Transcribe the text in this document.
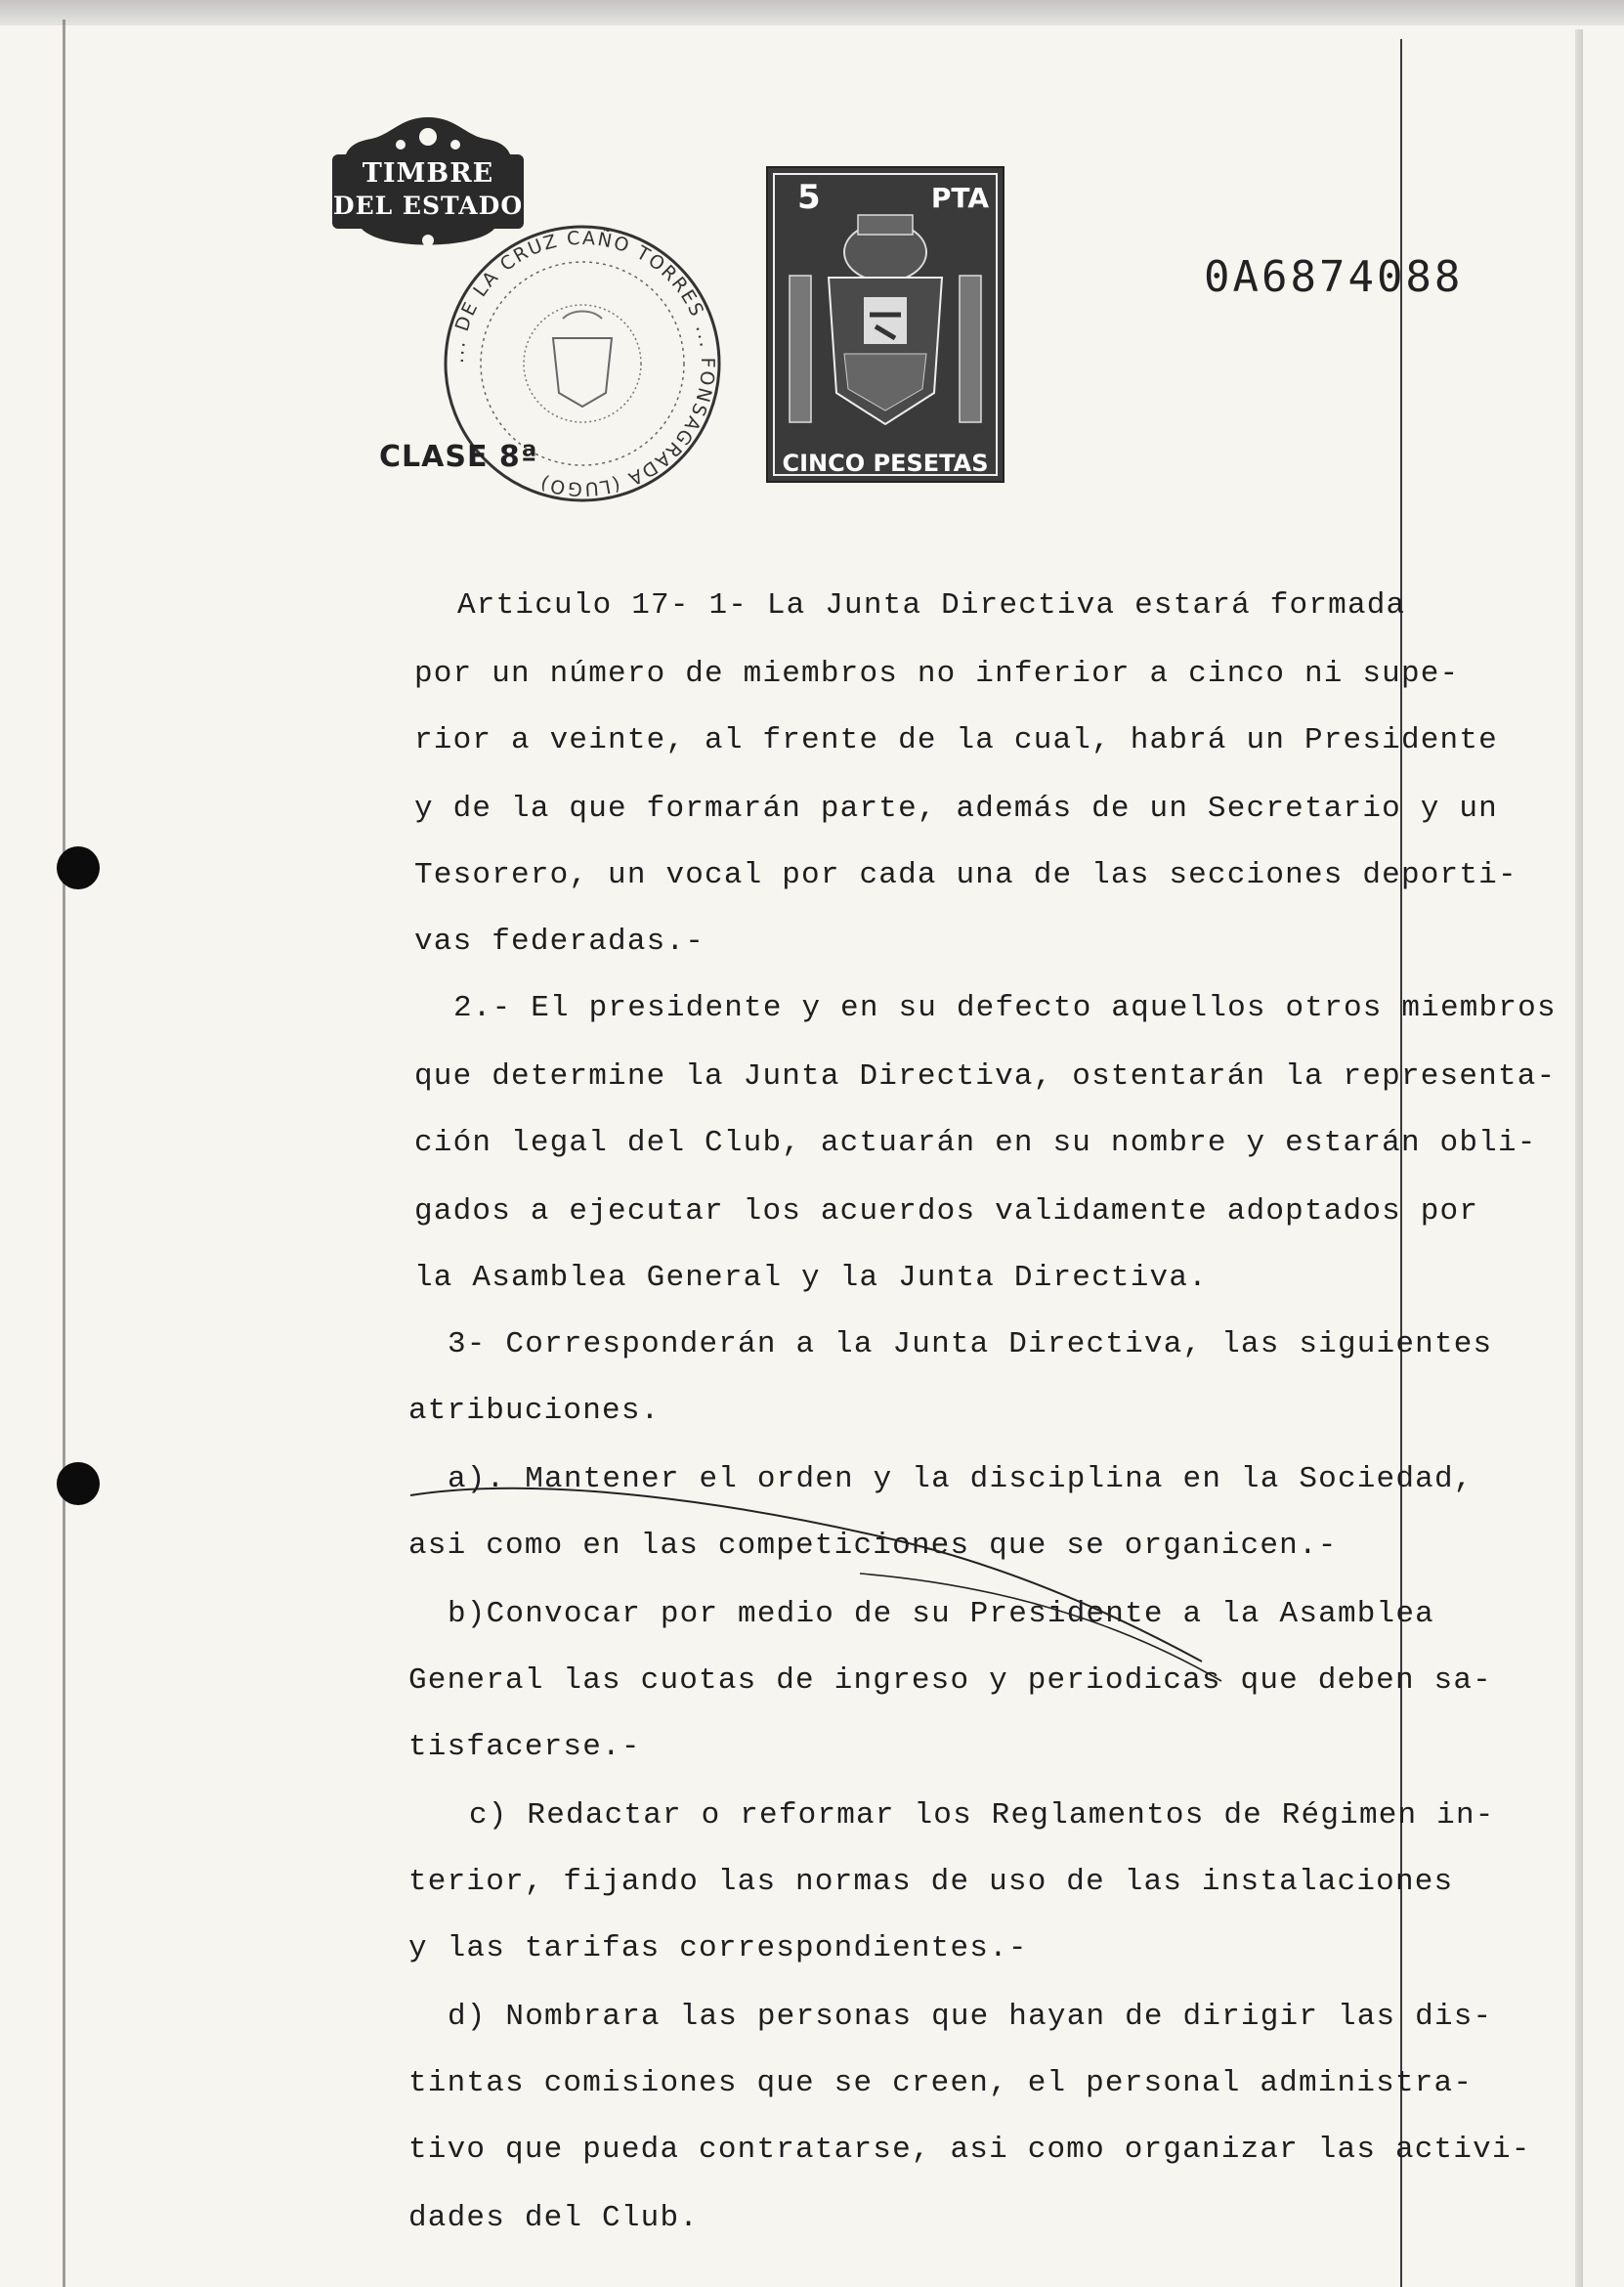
TIMBRE
DEL ESTADO
... DE LA CRUZ CAÑO TORRES ... FONSAGRADA (LUGO)
CLASE 8ª
5	PTA
CINCO PESETAS
0A6874088
Articulo 17- 1- La Junta Directiva estará formada
por un número de miembros no inferior a cinco ni supe-
rior a veinte, al frente de la cual, habrá un Presidente
y de la que formarán parte, además de un Secretario y un
Tesorero, un vocal por cada una de las secciones deporti-
vas federadas.-
2.- El presidente y en su defecto aquellos otros miembros
que determine la Junta Directiva, ostentarán la representa-
ción legal del Club, actuarán en su nombre y estarán obli-
gados a ejecutar los acuerdos validamente adoptados por
la Asamblea General y la Junta Directiva.
3- Corresponderán a la Junta Directiva, las siguientes
atribuciones.
a). Mantener el orden y la disciplina en la Sociedad,
asi como en las competiciones que se organicen.-
b)Convocar por medio de su Presidente a la Asamblea
General las cuotas de ingreso y periodicas que deben sa-
tisfacerse.-
c) Redactar o reformar los Reglamentos de Régimen in-
terior, fijando las normas de uso de las instalaciones
y las tarifas correspondientes.-
d) Nombrara las personas que hayan de dirigir las dis-
tintas comisiones que se creen, el personal administra-
tivo que pueda contratarse, asi como organizar las activi-
dades del Club.
